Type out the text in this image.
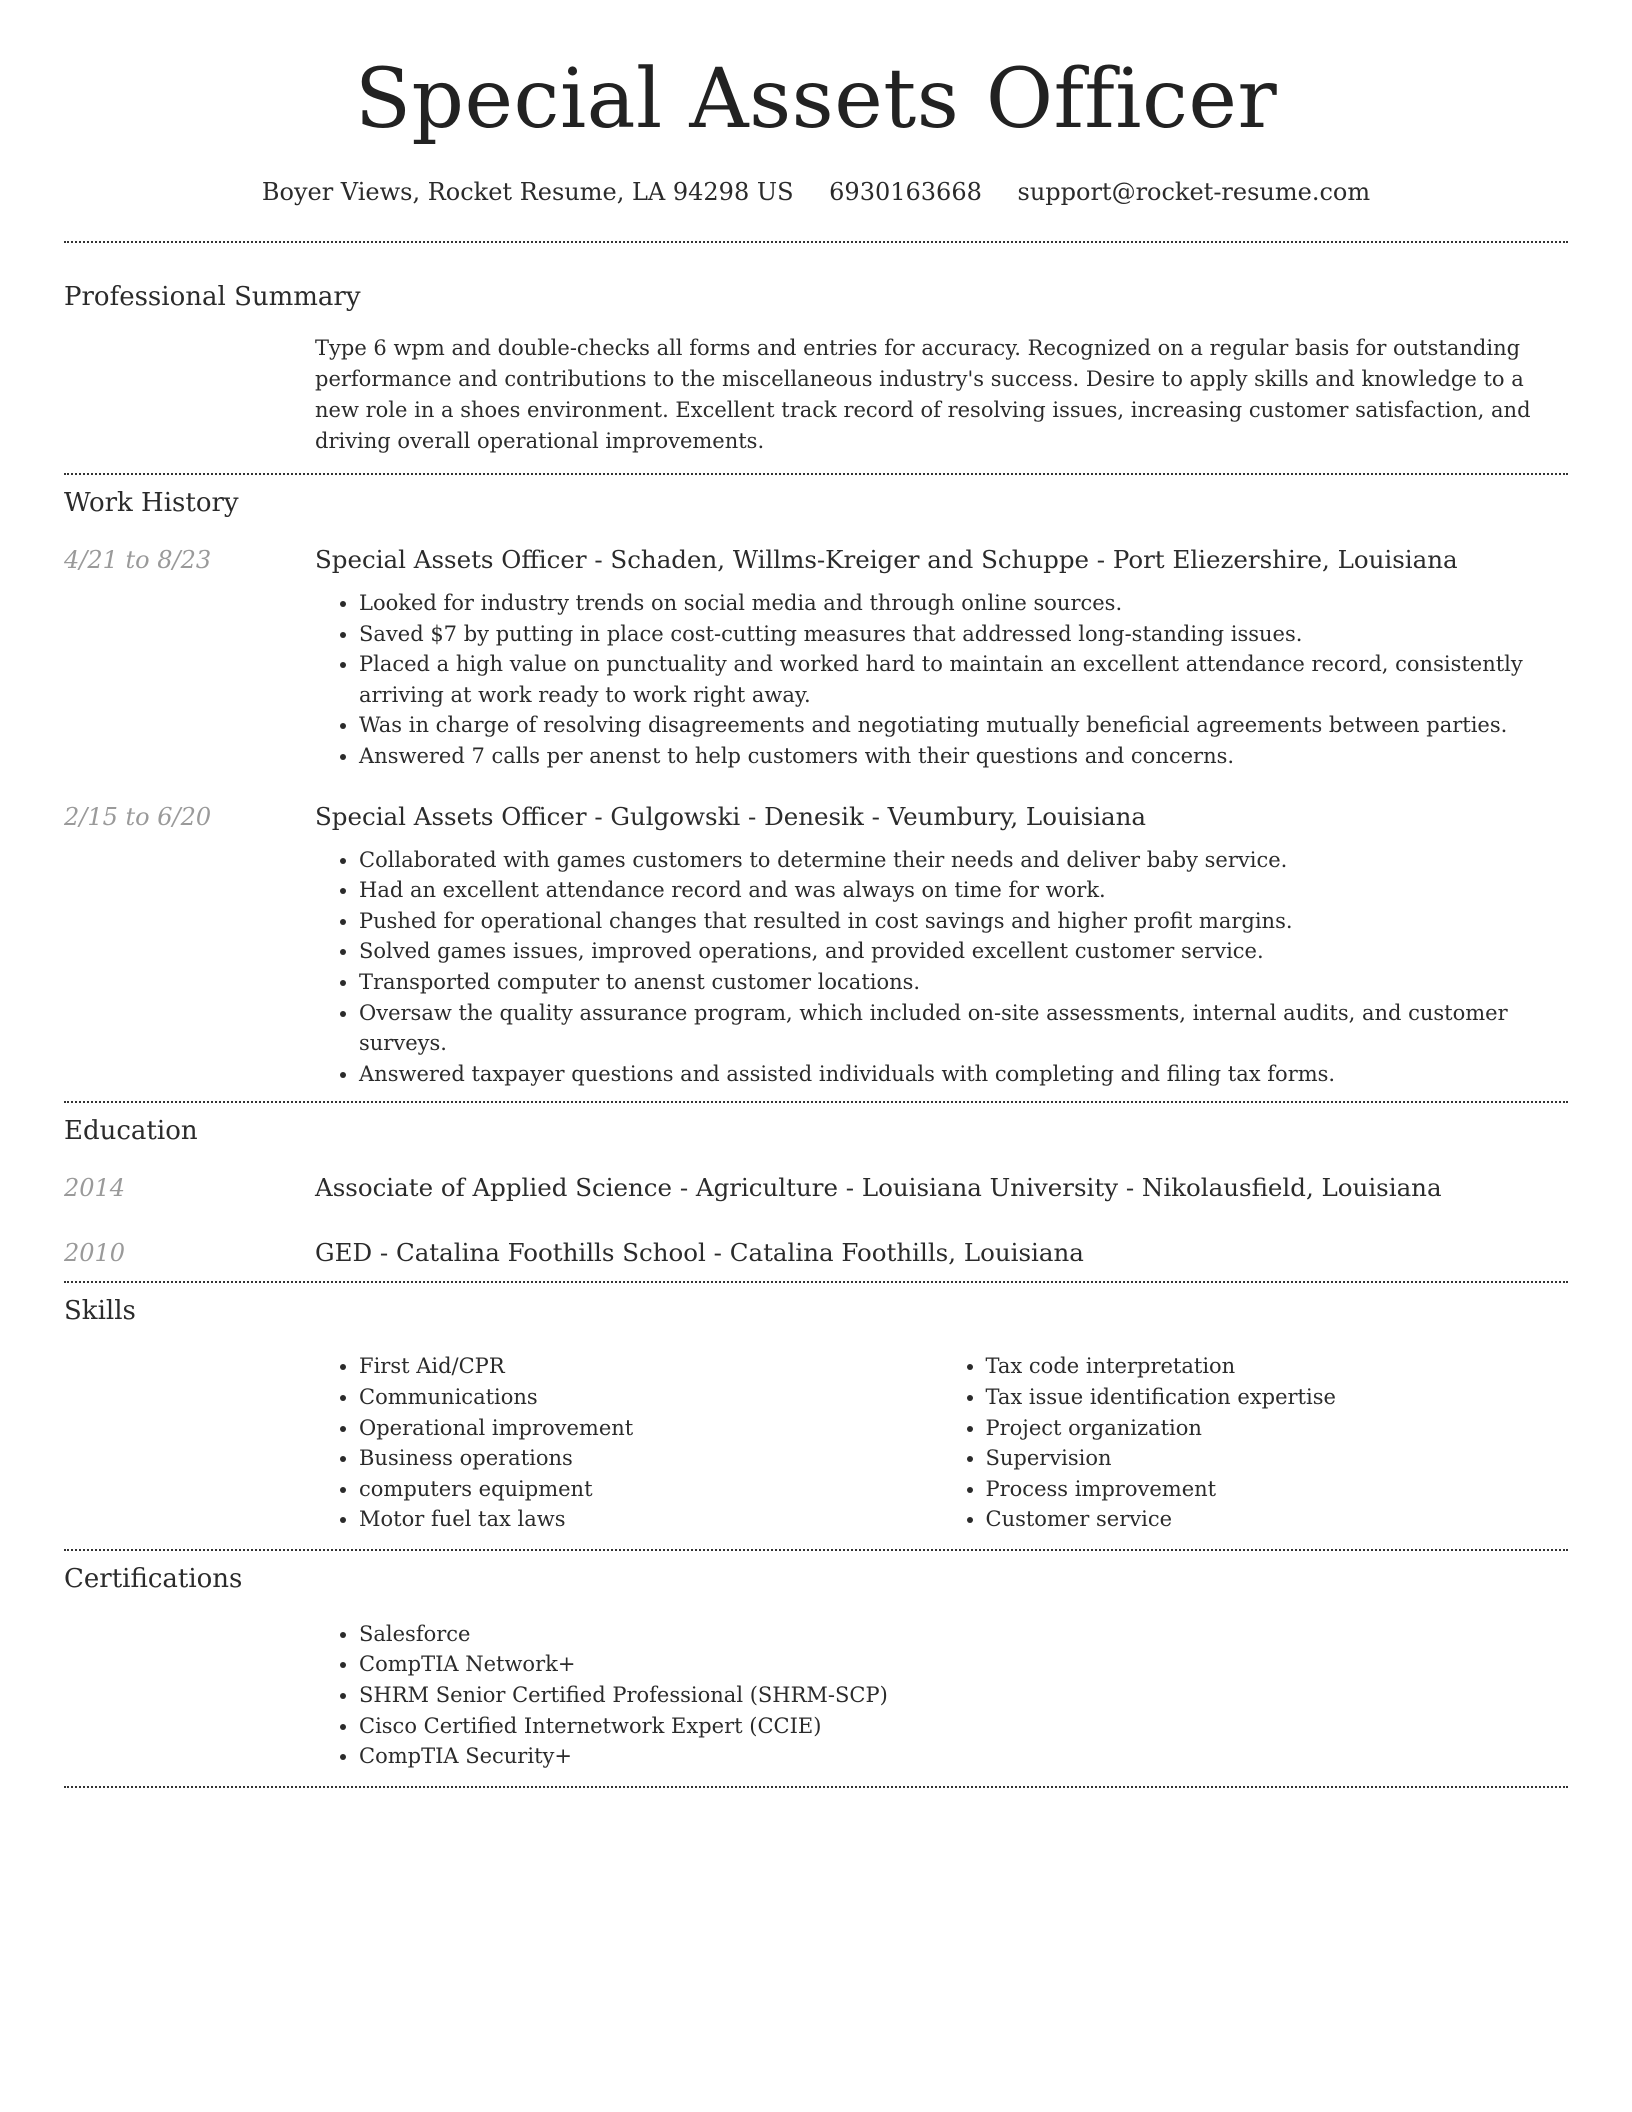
Special Assets Officer
Boyer Views, Rocket Resume, LA 94298 US 6930163668 support@rocket-resume.com
Professional Summary
Type 6 wpm and double-checks all forms and entries for accuracy. Recognized on a regular basis for outstanding performance and contributions to the miscellaneous industry's success. Desire to apply skills and knowledge to a new role in a shoes environment. Excellent track record of resolving issues, increasing customer satisfaction, and driving overall operational improvements.
Work History
4/21 to 8/23	Special Assets Officer - Schaden, Willms-Kreiger and Schuppe - Port Eliezershire, Louisiana
• Looked for industry trends on social media and through online sources.
• Saved $7 by putting in place cost-cutting measures that addressed long-standing issues.
• Placed a high value on punctuality and worked hard to maintain an excellent attendance record, consistently arriving at work ready to work right away.
• Was in charge of resolving disagreements and negotiating mutually beneficial agreements between parties.
• Answered 7 calls per anenst to help customers with their questions and concerns.
2/15 to 6/20	Special Assets Officer - Gulgowski - Denesik - Veumbury, Louisiana
• Collaborated with games customers to determine their needs and deliver baby service.
• Had an excellent attendance record and was always on time for work.
• Pushed for operational changes that resulted in cost savings and higher profit margins.
• Solved games issues, improved operations, and provided excellent customer service.
• Transported computer to anenst customer locations.
• Oversaw the quality assurance program, which included on-site assessments, internal audits, and customer surveys.
• Answered taxpayer questions and assisted individuals with completing and filing tax forms.
Education
2014	Associate of Applied Science - Agriculture - Louisiana University - Nikolausfield, Louisiana
2010	GED - Catalina Foothills School - Catalina Foothills, Louisiana
Skills
• First Aid/CPR
• Communications
• Operational improvement
• Business operations
• computers equipment
• Motor fuel tax laws
• Tax code interpretation
• Tax issue identification expertise
• Project organization
• Supervision
• Process improvement
• Customer service
Certifications
• Salesforce
• CompTIA Network+
• SHRM Senior Certified Professional (SHRM-SCP)
• Cisco Certified Internetwork Expert (CCIE)
• CompTIA Security+
